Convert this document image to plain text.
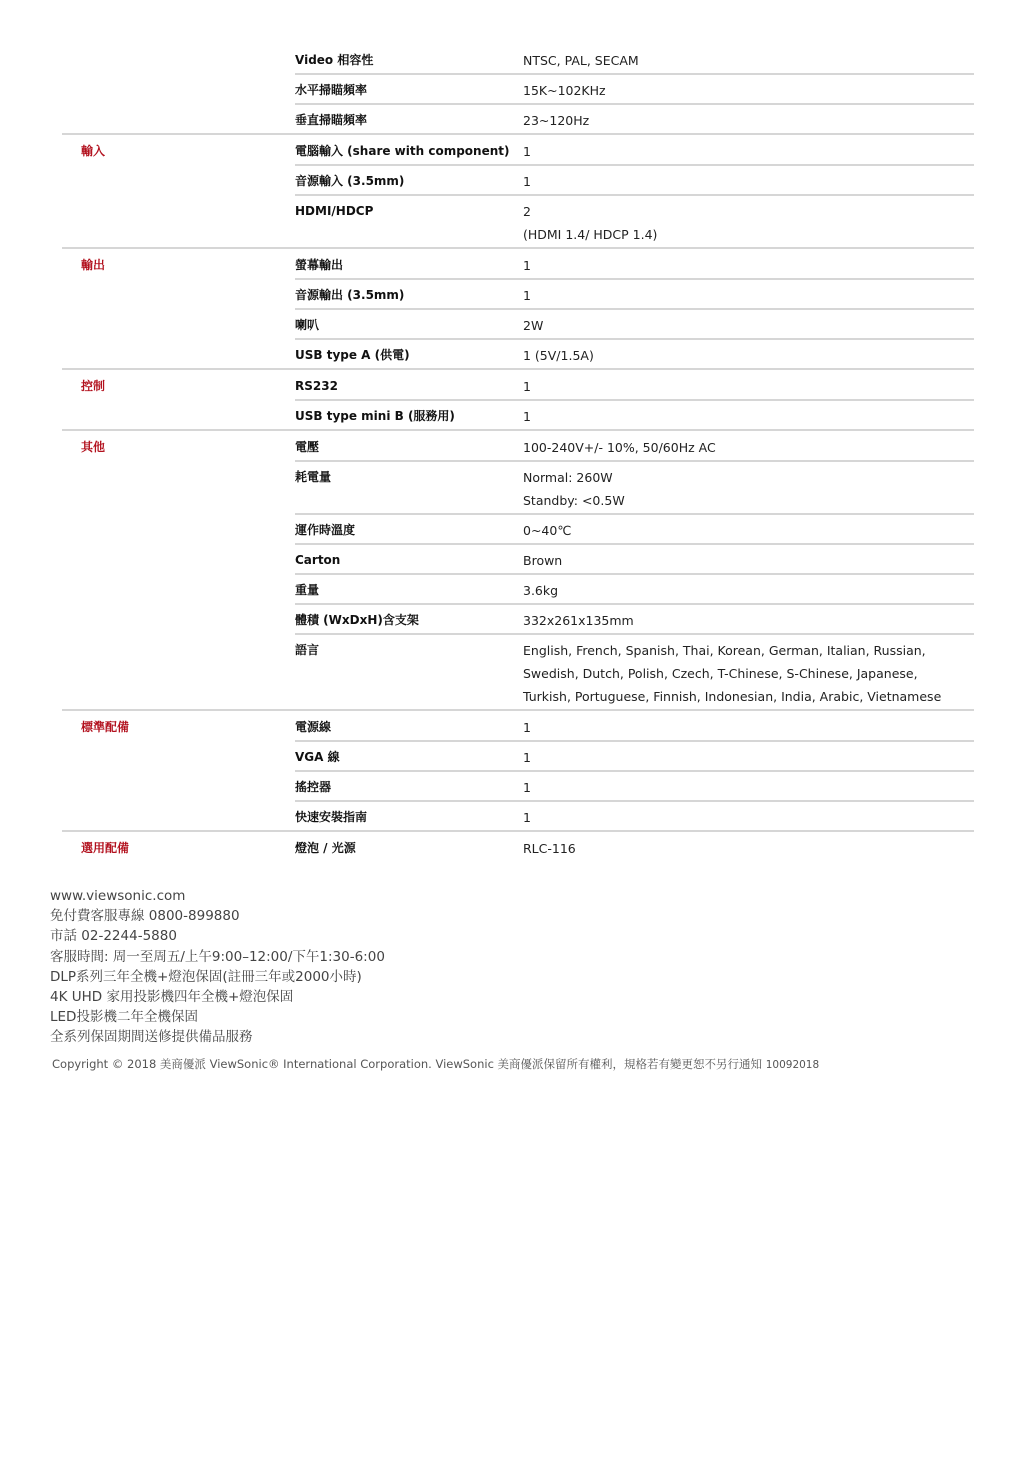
Video 相容性	NTSC, PAL, SECAM
水平掃瞄頻率	15K~102KHz
垂直掃瞄頻率	23~120Hz
輸入	電腦輸入 (share with component)	1
音源輸入 (3.5mm)	1
HDMI/HDCP	2
(HDMI 1.4/ HDCP 1.4)
輸出	螢幕輸出	1
音源輸出 (3.5mm)	1
喇叭	2W
USB type A (供電)	1 (5V/1.5A)
控制	RS232	1
USB type mini B (服務用)	1
其他	電壓	100-240V+/- 10%, 50/60Hz AC
耗電量	Normal: 260W
Standby: <0.5W
運作時溫度	0~40℃
Carton	Brown
重量	3.6kg
體積 (WxDxH)含支架	332x261x135mm
語言	English, French, Spanish, Thai, Korean, German, Italian, Russian,
Swedish, Dutch, Polish, Czech, T-Chinese, S-Chinese, Japanese,
Turkish, Portuguese, Finnish, Indonesian, India, Arabic, Vietnamese
標準配備	電源線	1
VGA 線	1
搖控器	1
快速安裝指南	1
選用配備	燈泡 / 光源	RLC-116
www.viewsonic.com
免付費客服專線 0800-899880
市話 02-2244-5880
客服時間: 周一至周五/上午9:00–12:00/下午1:30-6:00
DLP系列三年全機+燈泡保固(註冊三年或2000小時)
4K UHD 家用投影機四年全機+燈泡保固
LED投影機二年全機保固
全系列保固期間送修提供備品服務
Copyright © 2018 美商優派 ViewSonic® International Corporation. ViewSonic 美商優派保留所有權利，規格若有變更恕不另行通知 10092018
